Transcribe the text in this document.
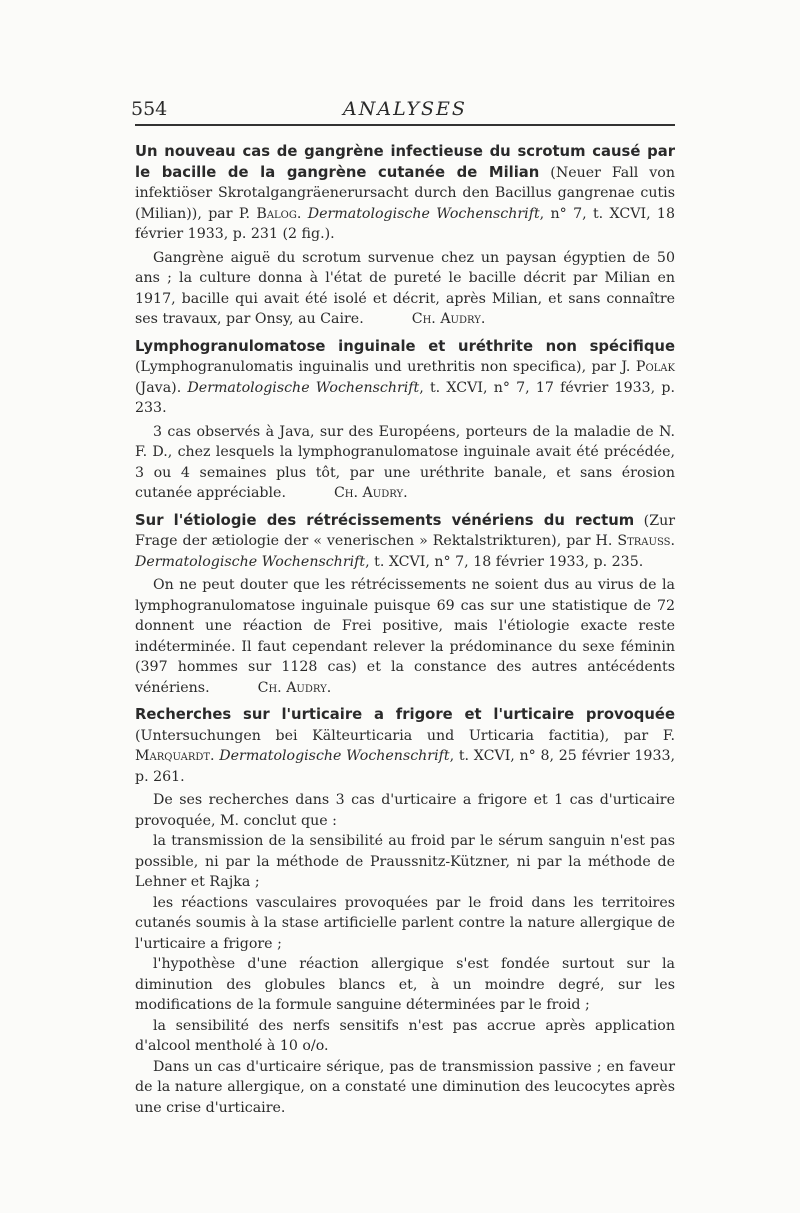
554	ANALYSES

Un nouveau cas de gangrène infectieuse du scrotum causé par le bacille de la gangrène cutanée de Milian (Neuer Fall von infektiöser Skrotalgangräenerursacht durch den Bacillus gangrenae cutis (Milian)), par P. Balog. Dermatologische Wochenschrift, n° 7, t. XCVI, 18 février 1933, p. 231 (2 fig.).

Gangrène aiguë du scrotum survenue chez un paysan égyptien de 50 ans ; la culture donna à l'état de pureté le bacille décrit par Milian en 1917, bacille qui avait été isolé et décrit, après Milian, et sans connaître ses travaux, par Onsy, au Caire.	Ch. Audry.

Lymphogranulomatose inguinale et uréthrite non spécifique (Lymphogranulomatis inguinalis und urethritis non specifica), par J. Polak (Java). Dermatologische Wochenschrift, t. XCVI, n° 7, 17 février 1933, p. 233.

3 cas observés à Java, sur des Européens, porteurs de la maladie de N. F. D., chez lesquels la lymphogranulomatose inguinale avait été précédée, 3 ou 4 semaines plus tôt, par une uréthrite banale, et sans érosion cutanée appréciable.	Ch. Audry.

Sur l'étiologie des rétrécissements vénériens du rectum (Zur Frage der ætiologie der « venerischen » Rektalstrikturen), par H. Strauss. Dermatologische Wochenschrift, t. XCVI, n° 7, 18 février 1933, p. 235.

On ne peut douter que les rétrécissements ne soient dus au virus de la lymphogranulomatose inguinale puisque 69 cas sur une statistique de 72 donnent une réaction de Frei positive, mais l'étiologie exacte reste indéterminée. Il faut cependant relever la prédominance du sexe féminin (397 hommes sur 1128 cas) et la constance des autres antécédents vénériens.	Ch. Audry.

Recherches sur l'urticaire a frigore et l'urticaire provoquée (Untersuchungen bei Kälteurticaria und Urticaria factitia), par F. Marquardt. Dermatologische Wochenschrift, t. XCVI, n° 8, 25 février 1933, p. 261.

De ses recherches dans 3 cas d'urticaire a frigore et 1 cas d'urticaire provoquée, M. conclut que :

la transmission de la sensibilité au froid par le sérum sanguin n'est pas possible, ni par la méthode de Praussnitz-Kützner, ni par la méthode de Lehner et Rajka ;

les réactions vasculaires provoquées par le froid dans les territoires cutanés soumis à la stase artificielle parlent contre la nature allergique de l'urticaire a frigore ;

l'hypothèse d'une réaction allergique s'est fondée surtout sur la diminution des globules blancs et, à un moindre degré, sur les modifications de la formule sanguine déterminées par le froid ;

la sensibilité des nerfs sensitifs n'est pas accrue après application d'alcool mentholé à 10 o/o.

Dans un cas d'urticaire sérique, pas de transmission passive ; en faveur de la nature allergique, on a constaté une diminution des leucocytes après une crise d'urticaire.
